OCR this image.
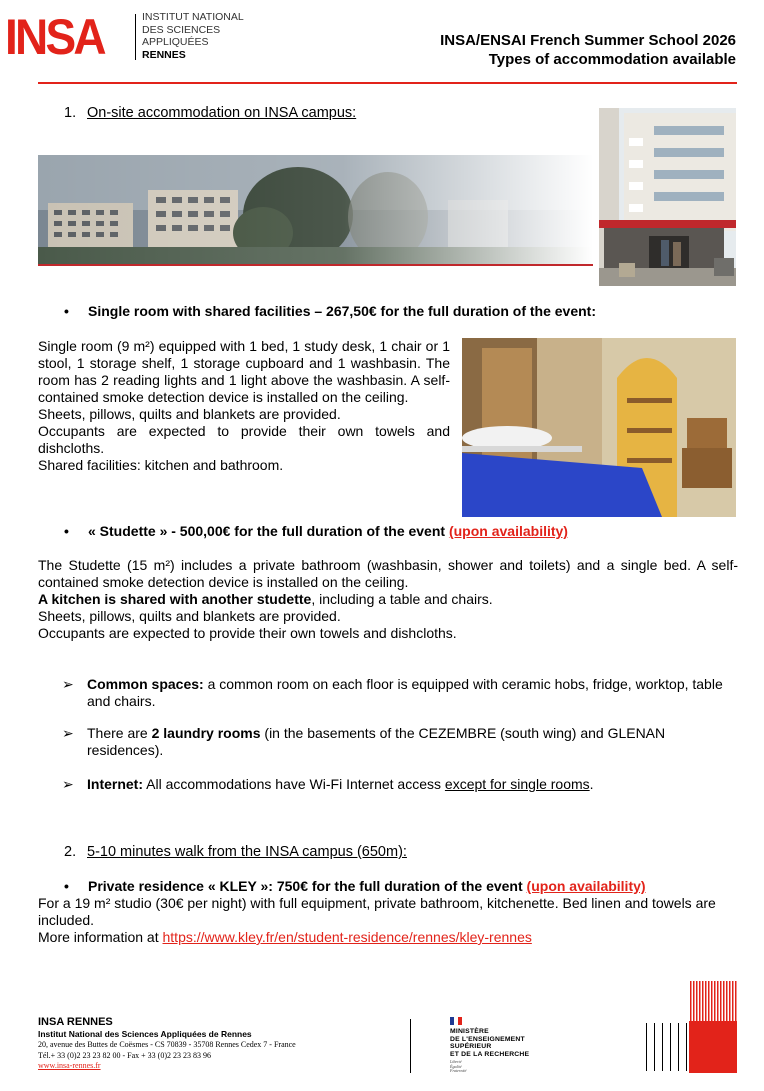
INSA	INSTITUT NATIONAL
DES SCIENCES
APPLIQUÉES
RENNES
INSA/ENSAI French Summer School 2026
Types of accommodation available
1. On-site accommodation on INSA campus:
• Single room with shared facilities – 267,50€ for the full duration of the event:
Single room (9 m²) equipped with 1 bed, 1 study desk, 1 chair or 1 stool, 1 storage shelf, 1 storage cupboard and 1 washbasin. The room has 2 reading lights and 1 light above the washbasin. A self-contained smoke detection device is installed on the ceiling.
Sheets, pillows, quilts and blankets are provided.
Occupants are expected to provide their own towels and dishcloths.
Shared facilities: kitchen and bathroom.
• « Studette » - 500,00€ for the full duration of the event (upon availability)
The Studette (15 m²) includes a private bathroom (washbasin, shower and toilets) and a single bed. A self-contained smoke detection device is installed on the ceiling.
A kitchen is shared with another studette, including a table and chairs.
Sheets, pillows, quilts and blankets are provided.
Occupants are expected to provide their own towels and dishcloths.
➢ Common spaces: a common room on each floor is equipped with ceramic hobs, fridge, worktop, table and chairs.
➢ There are 2 laundry rooms (in the basements of the CEZEMBRE (south wing) and GLENAN residences).
➢ Internet: All accommodations have Wi-Fi Internet access except for single rooms.
2. 5-10 minutes walk from the INSA campus (650m):
• Private residence « KLEY »: 750€ for the full duration of the event (upon availability)
For a 19 m² studio (30€ per night) with full equipment, private bathroom, kitchenette. Bed linen and towels are included.
More information at https://www.kley.fr/en/student-residence/rennes/kley-rennes
INSA RENNES
Institut National des Sciences Appliquées de Rennes
20, avenue des Buttes de Coësmes - CS 70839 - 35708 Rennes Cedex 7 - France
Tél.+ 33 (0)2 23 23 82 00 - Fax + 33 (0)2 23 23 83 96
www.insa-rennes.fr
MINISTÈRE
DE L'ENSEIGNEMENT
SUPÉRIEUR
ET DE LA RECHERCHE
Liberté
Égalité
Fraternité
